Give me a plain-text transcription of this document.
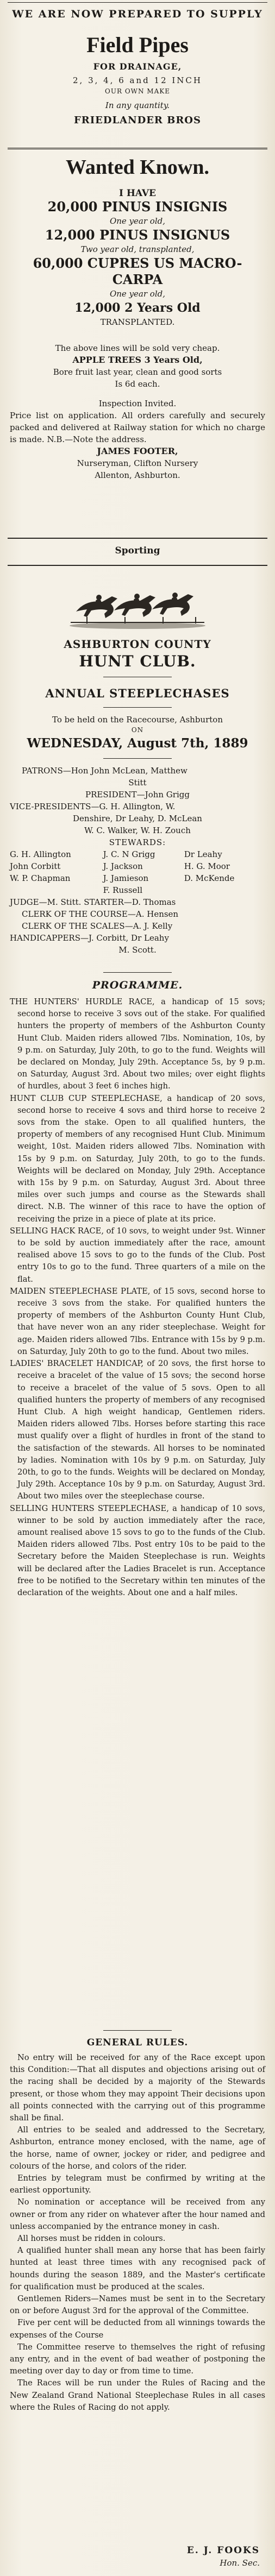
WE ARE NOW PREPARED TO SUPPLY

Field Pipes

FOR DRAINAGE,

2, 3, 4, 6 and 12 INCH

OUR OWN MAKE

In any quantity.

FRIEDLANDER BROS

Wanted Known.

I HAVE

20,000 PINUS INSIGNIS

One year old,

12,000 PINUS INSIGNUS

Two year old, transplanted,

60,000 CUPRES US MACRO-

CARPA

One year old,

12,000 2 Years Old

TRANSPLANTED.

The above lines will be sold very cheap.

APPLE TREES 3 Years Old,

Bore fruit last year, clean and good sorts

Is 6d each.

Inspection Invited.

Price list on application. All orders carefully and securely packed and delivered at Railway station for which no charge is made. N.B.—Note the address.

JAMES FOOTER,

Nurseryman, Clifton Nursery

Allenton, Ashburton.

Sporting

ASHBURTON COUNTY

HUNT CLUB.

ANNUAL STEEPLECHASES

To be held on the Racecourse, Ashburton

ON

WEDNESDAY, August 7th, 1889

PATRONS—Hon John McLean, Matthew

Stitt

PRESIDENT—John Grigg

VICE-PRESIDENTS—G. H. Allington, W.

Denshire, Dr Leahy, D. McLean

W. C. Walker, W. H. Zouch

STEWARDS:

G. H. Allington	J. C. N Grigg	Dr Leahy
John Corbitt	J. Jackson	H. G. Moor
W. P. Chapman	J. Jamieson	D. McKende
F. Russell

JUDGE—M. Stitt. STARTER—D. Thomas

CLERK OF THE COURSE—A. Hensen

CLERK OF THE SCALES—A. J. Kelly

HANDICAPPERS—J. Corbitt, Dr Leahy

M. Scott.

PROGRAMME.

THE HUNTERS' HURDLE RACE, a handicap of 15 sovs; second horse to receive 3 sovs out of the stake. For qualified hunters the property of members of the Ashburton County Hunt Club. Maiden riders allowed 7lbs. Nomination, 10s, by 9 p.m. on Saturday, July 20th, to go to the fund. Weights will be declared on Monday, July 29th. Acceptance 5s, by 9 p.m. on Saturday, August 3rd. About two miles; over eight flights of hurdles, about 3 feet 6 inches high.

HUNT CLUB CUP STEEPLECHASE, a handicap of 20 sovs, second horse to receive 4 sovs and third horse to receive 2 sovs from the stake. Open to all qualified hunters, the property of members of any recognised Hunt Club. Minimum weight, 10st. Maiden riders allowed 7lbs. Nomination with 15s by 9 p.m. on Saturday, July 20th, to go to the funds. Weights will be declared on Monday, July 29th. Acceptance with 15s by 9 p.m. on Saturday, August 3rd. About three miles over such jumps and course as the Stewards shall direct. N.B. The winner of this race to have the option of receiving the prize in a piece of plate at its price.

SELLING HACK RACE, of 10 sovs, to weight under 9st. Winner to be sold by auction immediately after the race, amount realised above 15 sovs to go to the funds of the Club. Post entry 10s to go to the fund. Three quarters of a mile on the flat.

MAIDEN STEEPLECHASE PLATE, of 15 sovs, second horse to receive 3 sovs from the stake. For qualified hunters the property of members of the Ashburton County Hunt Club, that have never won an any rider steeplechase. Weight for age. Maiden riders allowed 7lbs. Entrance with 15s by 9 p.m. on Saturday, July 20th to go to the fund. About two miles.

LADIES' BRACELET HANDICAP, of 20 sovs, the first horse to receive a bracelet of the value of 15 sovs; the second horse to receive a bracelet of the value of 5 sovs. Open to all qualified hunters the property of members of any recognised Hunt Club. A high weight handicap, Gentlemen riders. Maiden riders allowed 7lbs. Horses before starting this race must qualify over a flight of hurdles in front of the stand to the satisfaction of the stewards. All horses to be nominated by ladies. Nomination with 10s by 9 p.m. on Saturday, July 20th, to go to the funds. Weights will be declared on Monday, July 29th. Acceptance 10s by 9 p.m. on Saturday, August 3rd. About two miles over the steeplechase course.

SELLING HUNTERS STEEPLECHASE, a handicap of 10 sovs, winner to be sold by auction immediately after the race, amount realised above 15 sovs to go to the funds of the Club. Maiden riders allowed 7lbs. Post entry 10s to be paid to the Secretary before the Maiden Steeplechase is run. Weights will be declared after the Ladies Bracelet is run. Acceptance free to be notified to the Secretary within ten minutes of the declaration of the weights. About one and a half miles.

GENERAL RULES.

No entry will be received for any of the Race except upon this Condition:—That all disputes and objections arising out of the racing shall be decided by a majority of the Stewards present, or those whom they may appoint Their decisions upon all points connected with the carrying out of this programme shall be final.

All entries to be sealed and addressed to the Secretary, Ashburton, entrance money enclosed, with the name, age of the horse, name of owner, jockey or rider, and pedigree and colours of the horse, and colors of the rider.

Entries by telegram must be confirmed by writing at the earliest opportunity.

No nomination or acceptance will be received from any owner or from any rider on whatever after the hour named and unless accompanied by the entrance money in cash.

All horses must be ridden in colours.

A qualified hunter shall mean any horse that has been fairly hunted at least three times with any recognised pack of hounds during the season 1889, and the Master's certificate for qualification must be produced at the scales.

Gentlemen Riders—Names must be sent in to the Secretary on or before August 3rd for the approval of the Committee.

Five per cent will be deducted from all winnings towards the expenses of the Course

The Committee reserve to themselves the right of refusing any entry, and in the event of bad weather of postponing the meeting over day to day or from time to time.

The Races will be run under the Rules of Racing and the New Zealand Grand National Steeplechase Rules in all cases where the Rules of Racing do not apply.

E. J. FOOKS

Hon. Sec.
